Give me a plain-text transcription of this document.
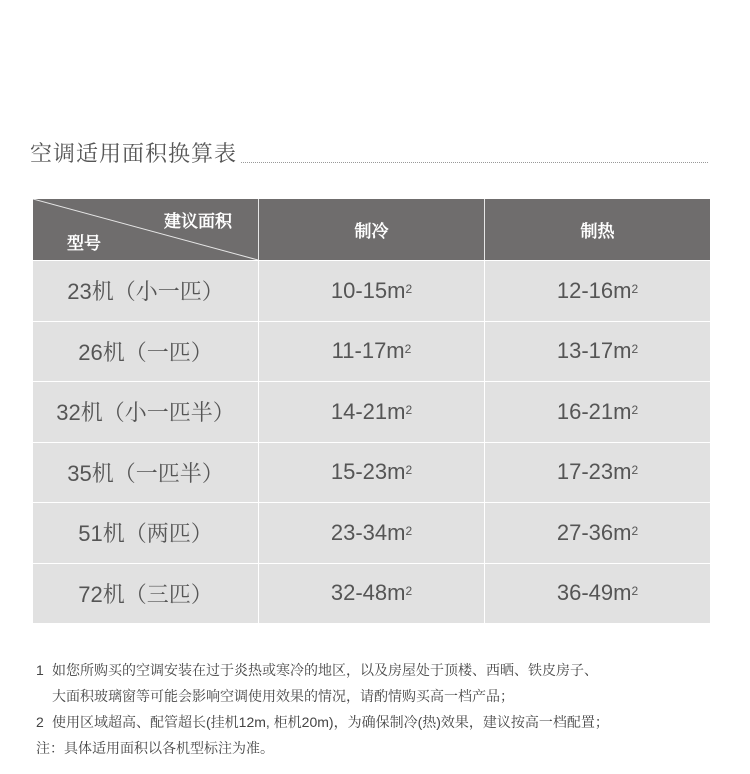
空调适用面积换算表
建议面积
型号
制冷	制热
23机（小一匹）	$10-15m^2$	$12-16m^2$
26机（一匹）	$11-17m^2$	$13-17m^2$
32机（小一匹半）	$14-21m^2$	$16-21m^2$
35机（一匹半）	$15-23m^2$	$17-23m^2$
51机（两匹）	$23-34m^2$	$27-36m^2$
72机（三匹）	$32-48m^2$	$36-49m^2$
1 如您所购买的空调安装在过于炎热或寒冷的地区，以及房屋处于顶楼、西晒、铁皮房子、
大面积玻璃窗等可能会影响空调使用效果的情况，请酌情购买高一档产品；
2 使用区域超高、配管超长(挂机12m, 柜机20m)，为确保制冷(热)效果，建议按高一档配置；
注：具体适用面积以各机型标注为准。
